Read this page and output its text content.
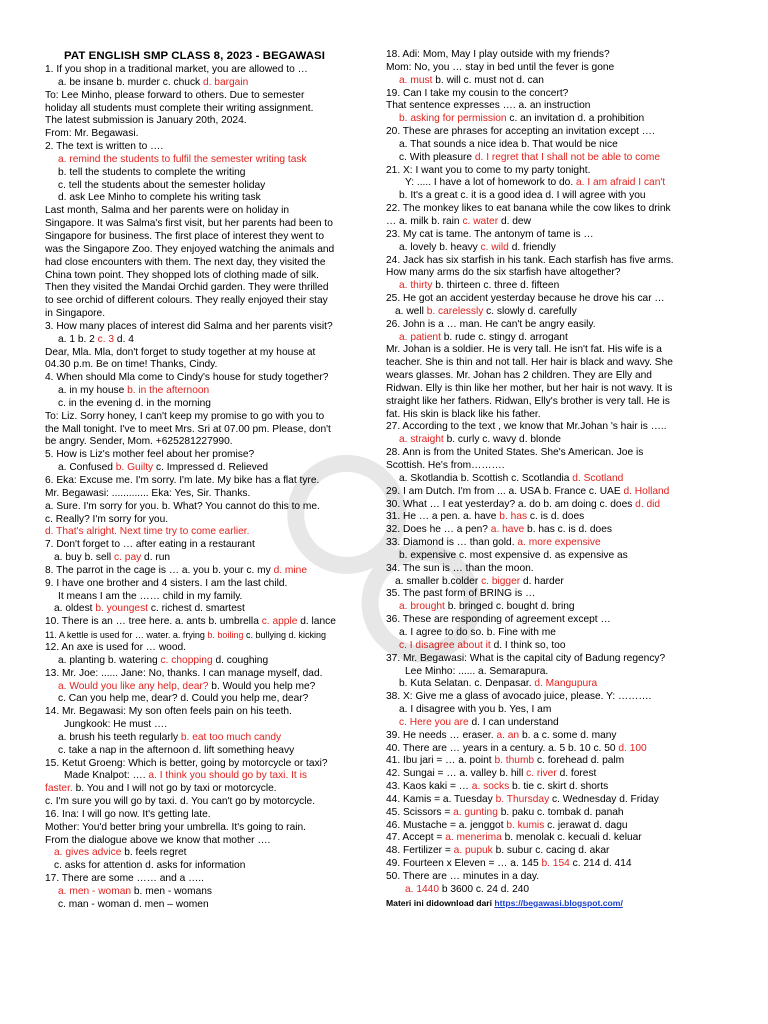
PAT ENGLISH SMP CLASS 8, 2023 - BEGAWASI
1. If you shop in a traditional market, you are allowed to …
a. be insane b. murder c. chuck d. bargain
To: Lee Minho, please forward to others. Due to semester
holiday all students must complete their writing assignment.
The latest submission is January 20th, 2024.
From: Mr. Begawasi.
2. The text is written to ….
a. remind the students to fulfil the semester writing task
b. tell the students to complete the writing
c. tell the students about the semester holiday
d. ask Lee Minho to complete his writing task
Last month, Salma and her parents were on holiday in
Singapore. It was Salma's first visit, but her parents had been to
Singapore for business. The first place of interest they went to
was the Singapore Zoo. They enjoyed watching the animals and
had close encounters with them. The next day, they visited the
China town point. They shopped lots of clothing made of silk.
Then they visited the Mandai Orchid garden. They were thrilled
to see orchid of different colours. They really enjoyed their stay
in Singapore.
3. How many places of interest did Salma and her parents visit?
a. 1 b. 2 c. 3 d. 4
Dear, Mla. Mla, don't forget to study together at my house at
04.30 p.m. Be on time! Thanks, Cindy.
4. When should Mla come to Cindy's house for study together?
a. in my house b. in the afternoon
c. in the evening d. in the morning
To: Liz. Sorry honey, I can't keep my promise to go with you to
the Mall tonight. I've to meet Mrs. Sri at 07.00 pm. Please, don't
be angry. Sender, Mom. +625281227990.
5. How is Liz's mother feel about her promise?
a. Confused b. Guilty c. Impressed d. Relieved
6. Eka: Excuse me. I'm sorry. I'm late. My bike has a flat tyre.
Mr. Begawasi: ............. Eka: Yes, Sir. Thanks.
a. Sure. I'm sorry for you. b. What? You cannot do this to me.
c. Really? I'm sorry for you.
d. That's alright. Next time try to come earlier.
7. Don't forget to … after eating in a restaurant
a. buy b. sell c. pay d. run
8. The parrot in the cage is … a. you b. your c. my d. mine
9. I have one brother and 4 sisters. I am the last child.
It means I am the …… child in my family.
a. oldest b. youngest c. richest d. smartest
10. There is an … tree here. a. ants b. umbrella c. apple d. lance
11. A kettle is used for … water. a. frying b. boiling c. bullying d. kicking
12. An axe is used for … wood.
a. planting b. watering c. chopping d. coughing
13. Mr. Joe: ...... Jane: No, thanks. I can manage myself, dad.
a. Would you like any help, dear? b. Would you help me?
c. Can you help me, dear? d. Could you help me, dear?
14. Mr. Begawasi: My son often feels pain on his teeth.
Jungkook: He must ….
a. brush his teeth regularly b. eat too much candy
c. take a nap in the afternoon d. lift something heavy
15. Ketut Groeng: Which is better, going by motorcycle or taxi?
Made Knalpot: …. a. I think you should go by taxi. It is
faster. b. You and I will not go by taxi or motorcycle.
c. I'm sure you will go by taxi. d. You can't go by motorcycle.
16. Ina: I will go now. It's getting late.
Mother: You'd better bring your umbrella. It's going to rain.
From the dialogue above we know that mother ….
a. gives advice b. feels regret
c. asks for attention d. asks for information
17. There are some …… and a …..
a. men - woman b. men - womans
c. man - woman d. men – women
18. Adi: Mom, May I play outside with my friends?
Mom: No, you … stay in bed until the fever is gone
a. must b. will c. must not d. can
19. Can I take my cousin to the concert?
That sentence expresses …. a. an instruction
b. asking for permission c. an invitation d. a prohibition
20. These are phrases for accepting an invitation except ….
a. That sounds a nice idea b. That would be nice
c. With pleasure d. I regret that I shall not be able to come
21. X: I want you to come to my party tonight.
Y: ..... I have a lot of homework to do. a. I am afraid I can't
b. It's a great c. it is a good idea d. I will agree with you
22. The monkey likes to eat banana while the cow likes to drink
… a. milk b. rain c. water d. dew
23. My cat is tame. The antonym of tame is …
a. lovely b. heavy c. wild d. friendly
24. Jack has six starfish in his tank. Each starfish has five arms.
How many arms do the six starfish have altogether?
a. thirty b. thirteen c. three d. fifteen
25. He got an accident yesterday because he drove his car …
a. well b. carelessly c. slowly d. carefully
26. John is a … man. He can't be angry easily.
a. patient b. rude c. stingy d. arrogant
Mr. Johan is a soldier. He is very tall. He isn't fat. His wife is a
teacher. She is thin and not tall. Her hair is black and wavy. She
wears glasses. Mr. Johan has 2 children. They are Elly and
Ridwan. Elly is thin like her mother, but her hair is not wavy. It is
straight like her fathers. Ridwan, Elly's brother is very tall. He is
fat. His skin is black like his father.
27. According to the text , we know that Mr.Johan 's hair is …..
a. straight b. curly c. wavy d. blonde
28. Ann is from the United States. She's American. Joe is
Scottish. He's from……….
a. Skotlandia b. Scottish c. Scotlandia d. Scotland
29. I am Dutch. I'm from ... a. USA b. France c. UAE d. Holland
30. What … I eat yesterday? a. do b. am doing c. does d. did
31. He … a pen. a. have b. has c. is d. does
32. Does he … a pen? a. have b. has c. is d. does
33. Diamond is … than gold. a. more expensive
b. expensive c. most expensive d. as expensive as
34. The sun is … than the moon.
a. smaller b.colder c. bigger d. harder
35. The past form of BRING is …
a. brought b. bringed c. bought d. bring
36. These are responding of agreement except …
a. I agree to do so. b. Fine with me
c. I disagree about it d. I think so, too
37. Mr. Begawasi: What is the capital city of Badung regency?
Lee Minho: ...... a. Semarapura.
b. Kuta Selatan. c. Denpasar. d. Mangupura
38. X: Give me a glass of avocado juice, please. Y: ……….
a. I disagree with you b. Yes, I am
c. Here you are d. I can understand
39. He needs … eraser. a. an b. a c. some d. many
40. There are … years in a century. a. 5 b. 10 c. 50 d. 100
41. Ibu jari = … a. point b. thumb c. forehead d. palm
42. Sungai = … a. valley b. hill c. river d. forest
43. Kaos kaki = … a. socks b. tie c. skirt d. shorts
44. Kamis = a. Tuesday b. Thursday c. Wednesday d. Friday
45. Scissors = a. gunting b. paku c. tombak d. panah
46. Mustache = a. jenggot b. kumis c. jerawat d. dagu
47. Accept = a. menerima b. menolak c. kecuali d. keluar
48. Fertilizer = a. pupuk b. subur c. cacing d. akar
49. Fourteen x Eleven = … a. 145 b. 154 c. 214 d. 414
50. There are … minutes in a day.
a. 1440 b 3600 c. 24 d. 240
Materi ini didownload dari https://begawasi.blogspot.com/
